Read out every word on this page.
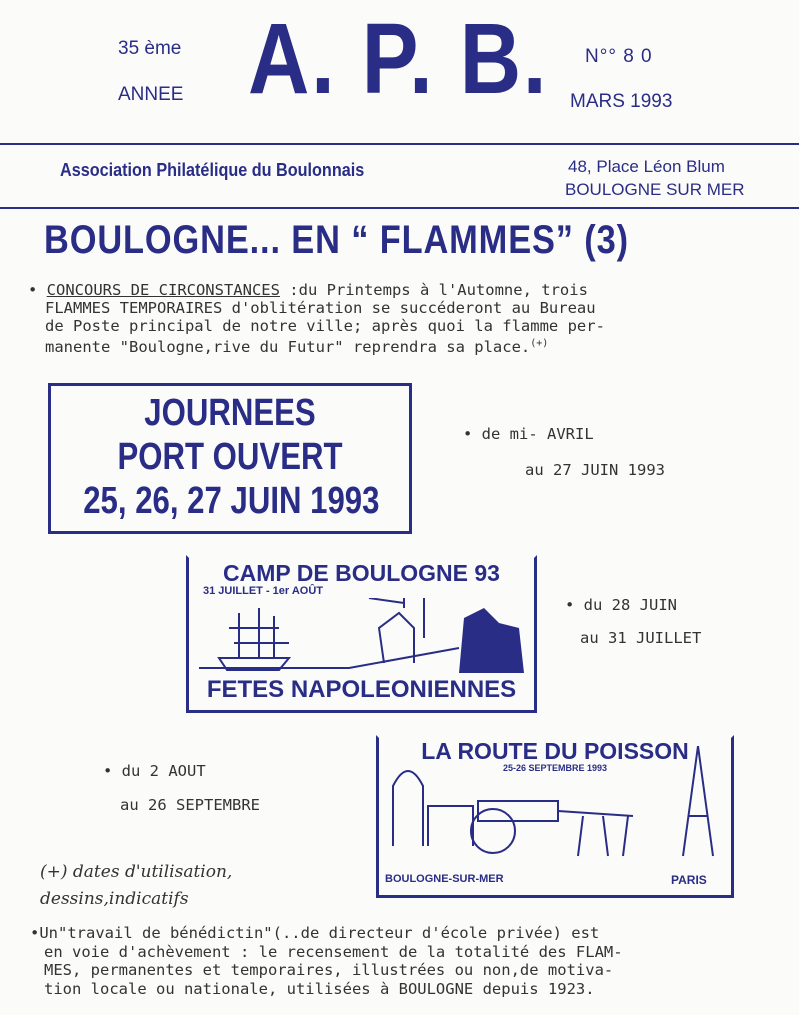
35 ème
ANNEE A. P. B. N°° 8 0
MARS 1993
Association Philatélique du Boulonnais	48, Place Léon Blum
BOULOGNE SUR MER
BOULOGNE... EN “ FLAMMES” (3)
• CONCOURS DE CIRCONSTANCES :du Printemps à l'Automne, trois
FLAMMES TEMPORAIRES d'oblitération se succéderont au Bureau
de Poste principal de notre ville; après quoi la flamme per-
manente "Boulogne,rive du Futur" reprendra sa place.(+)
JOURNEES
PORT OUVERT
25, 26, 27 JUIN 1993
• de mi- AVRIL
au 27 JUIN 1993
CAMP DE BOULOGNE 93
31 JUILLET - 1er AOÛT
FETES NAPOLEONIENNES
• du 28 JUIN
au 31 JUILLET
LA ROUTE DU POISSON
25-26 SEPTEMBRE 1993
BOULOGNE-SUR-MER	PARIS
• du 2 AOUT
au 26 SEPTEMBRE
(+) dates d'utilisation,
dessins,indicatifs
•Un"travail de bénédictin"(..de directeur d'école privée) est
en voie d'achèvement : le recensement de la totalité des FLAM-
MES, permanentes et temporaires, illustrées ou non,de motiva-
tion locale ou nationale, utilisées à BOULOGNE depuis 1923.
